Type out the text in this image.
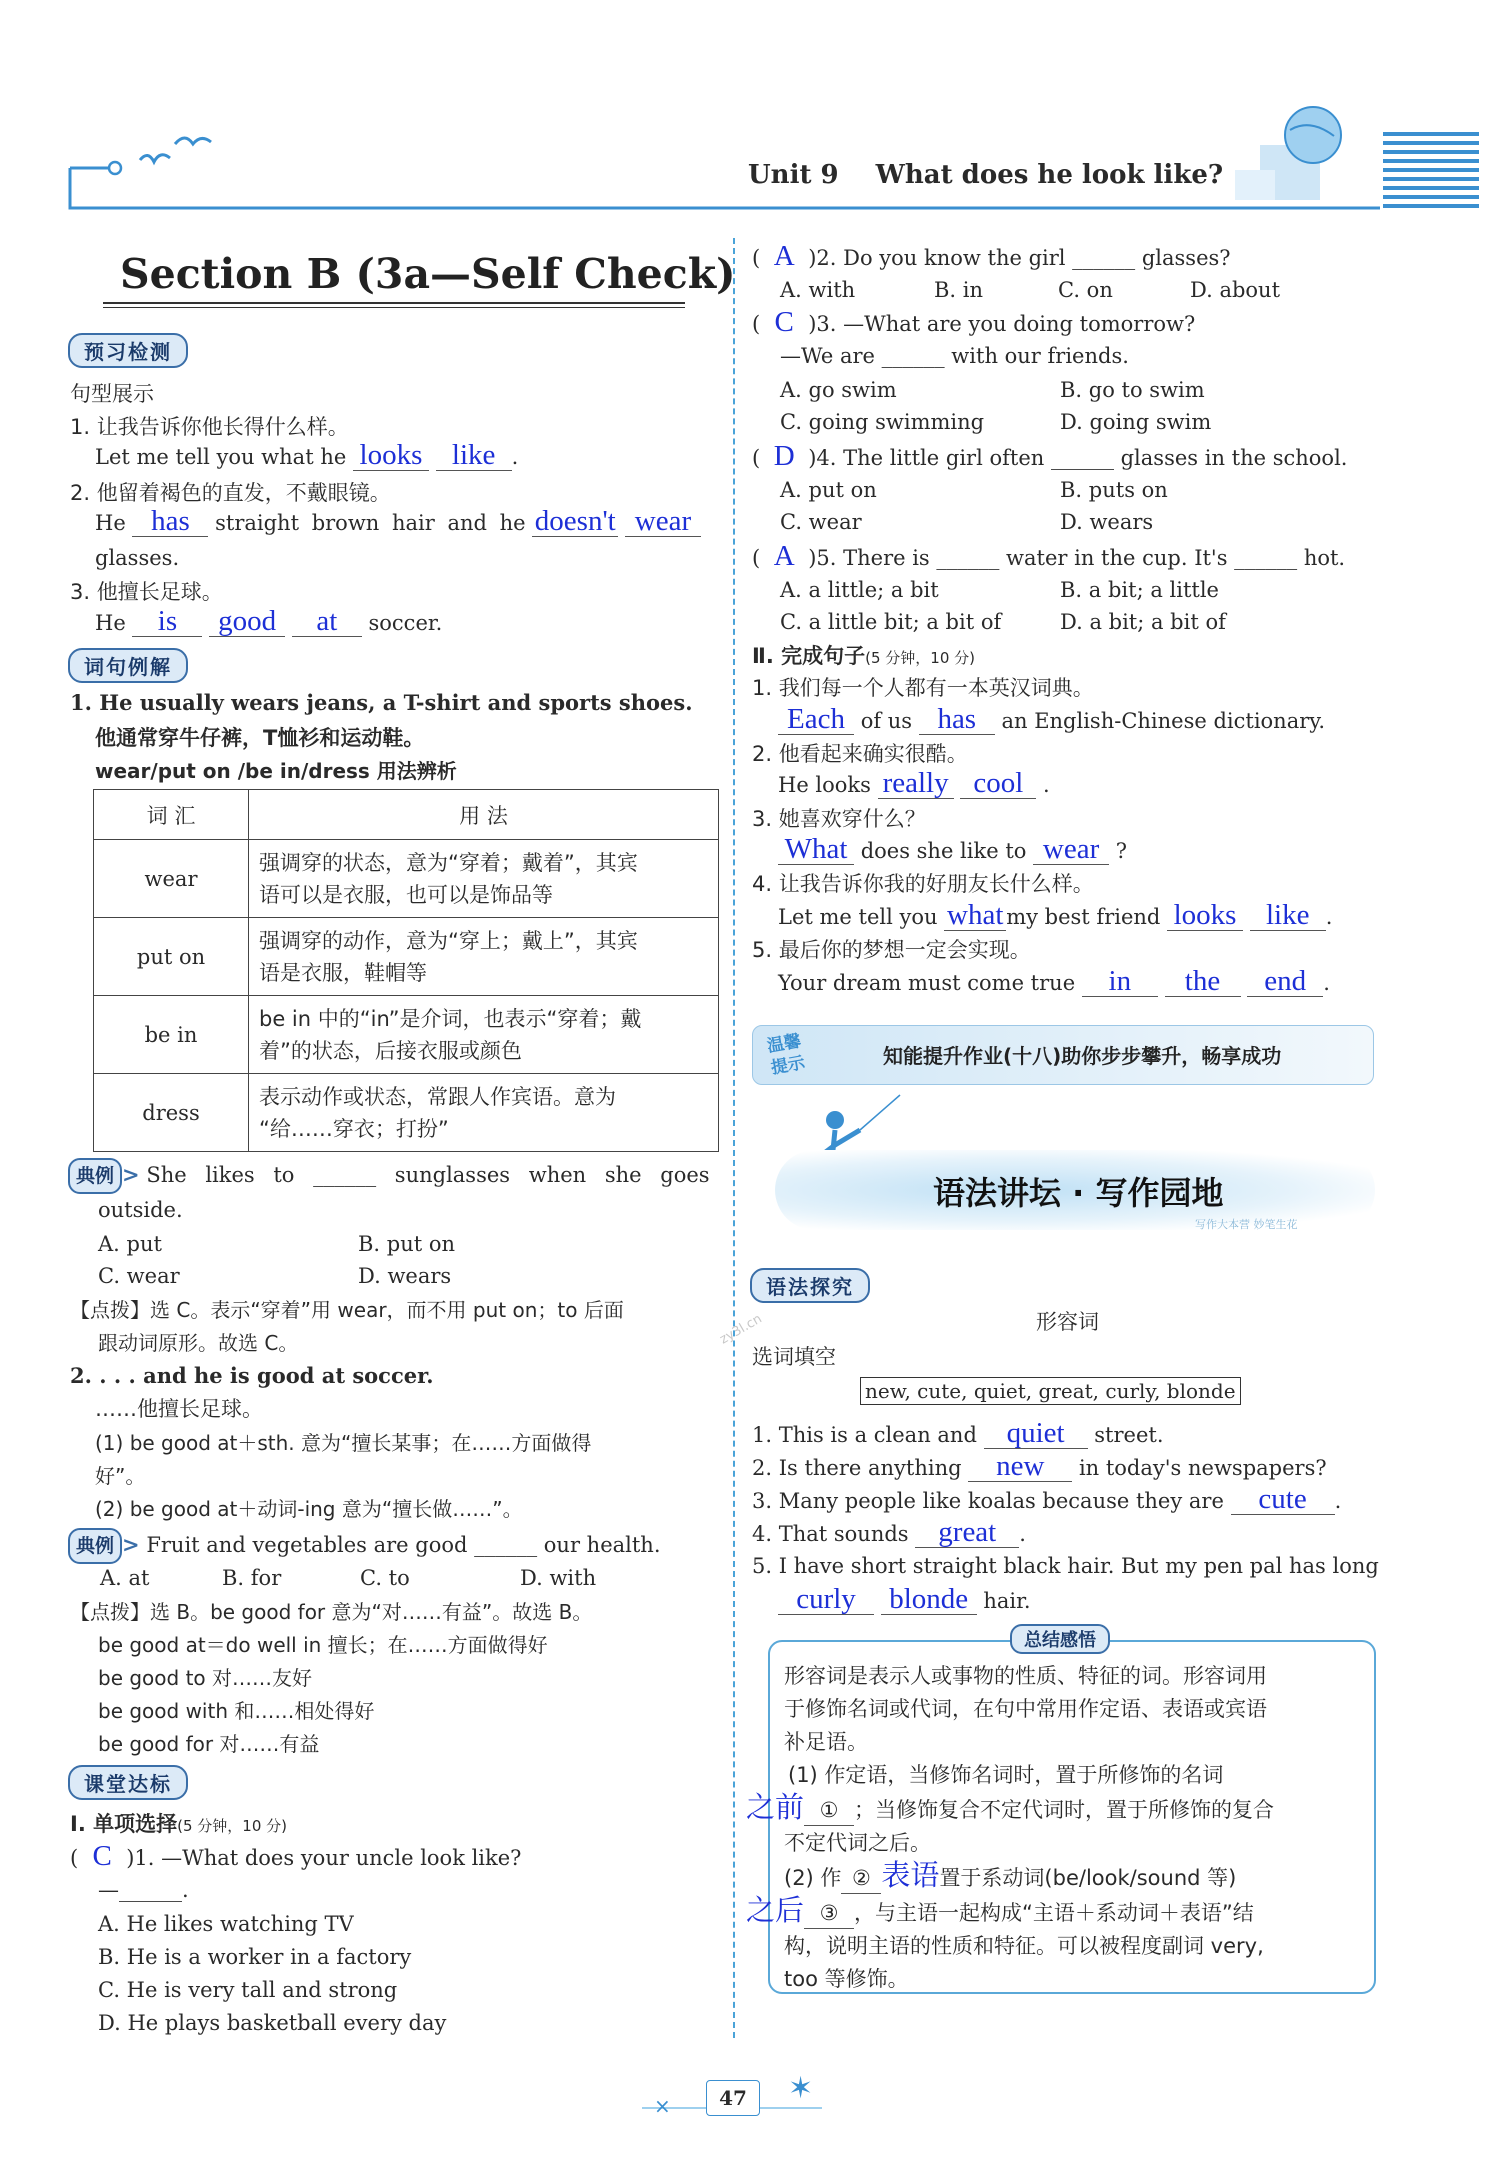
Unit 9 What does he look like?
Section B (3a—Self Check)
预习检测
句型展示
1. 让我告诉你他长得什么样。
Let me tell you what he looks like .
2. 他留着褐色的直发，不戴眼镜。
He has straight brown hair and he doesn't wear
glasses.
3. 他擅长足球。
He is good at soccer.
词句例解
1. He usually wears jeans, a T-shirt and sports shoes.
他通常穿牛仔裤，T恤衫和运动鞋。
wear/put on /be in/dress 用法辨析
词 汇	用 法
wear	强调穿的状态，意为“穿着；戴着”，其宾
语可以是衣服，也可以是饰品等

put on	强调穿的动作，意为“穿上；戴上”，其宾
语是衣服，鞋帽等

be in	be in 中的“in”是介词，也表示“穿着；戴
着”的状态，后接衣服或颜色

dress	表示动作或状态，常跟人作宾语。意为
“给……穿衣；打扮”
典例 > She likes to ______ sunglasses when she goes
outside.
A. put	B. put on
C. wear	D. wears
【点拨】选 C。表示“穿着”用 wear，而不用 put on；to 后面
跟动词原形。故选 C。
2. . . . and he is good at soccer.
……他擅长足球。
(1) be good at＋sth. 意为“擅长某事；在……方面做得
好”。
(2) be good at＋动词-ing 意为“擅长做……”。
典例 > Fruit and vegetables are good ______ our health.
A. at	B. for	C. to	D. with
【点拨】选 B。be good for 意为“对……有益”。故选 B。
be good at＝do well in 擅长；在……方面做得好
be good to 对……友好
be good with 和……相处得好
be good for 对……有益
课堂达标
Ⅰ. 单项选择(5 分钟，10 分)
( C )1. —What does your uncle look like?
—______.
A. He likes watching TV
B. He is a worker in a factory
C. He is very tall and strong
D. He plays basketball every day
( A )2. Do you know the girl ______ glasses?
A. with	B. in	C. on	D. about
( C )3. —What are you doing tomorrow?
—We are ______ with our friends.
A. go swim	B. go to swim
C. going swimming	D. going swim
( D )4. The little girl often ______ glasses in the school.
A. put on	B. puts on
C. wear	D. wears
( A )5. There is ______ water in the cup. It's ______ hot.
A. a little; a bit	B. a bit; a little
C. a little bit; a bit of	D. a bit; a bit of
Ⅱ. 完成句子(5 分钟，10 分)
1. 我们每一个人都有一本英汉词典。
Each of us has an English-Chinese dictionary.
2. 他看起来确实很酷。
He looks really cool .
3. 她喜欢穿什么？
What does she like to wear ?
4. 让我告诉你我的好朋友长什么样。
Let me tell you what my best friend looks like .
5. 最后你的梦想一定会实现。
Your dream must come true in the end .
温馨提示	知能提升作业(十八)助你步步攀升，畅享成功
语法讲坛 · 写作园地
写作大本营 妙笔生花
语法探究
形容词
选词填空
new, cute, quiet, great, curly, blonde
1. This is a clean and quiet street.
2. Is there anything new in today's newspapers?
3. Many people like koalas because they are cute .
4. That sounds great .
5. I have short straight black hair. But my pen pal has long
curly blonde hair.
总结感悟
形容词是表示人或事物的性质、特征的词。形容词用
于修饰名词或代词，在句中常用作定语、表语或宾语
补足语。
(1) 作定语，当修饰名词时，置于所修饰的名词
之前 ① ；当修饰复合不定代词时，置于所修饰的复合
不定代词之后。
(2) 作 ② 表语置于系动词(be/look/sound 等)
之后 ③ ，与主语一起构成“主语＋系动词＋表语”结
构，说明主语的性质和特征。可以被程度副词 very,
too 等修饰。
zy3l.cn
×	✶
47
